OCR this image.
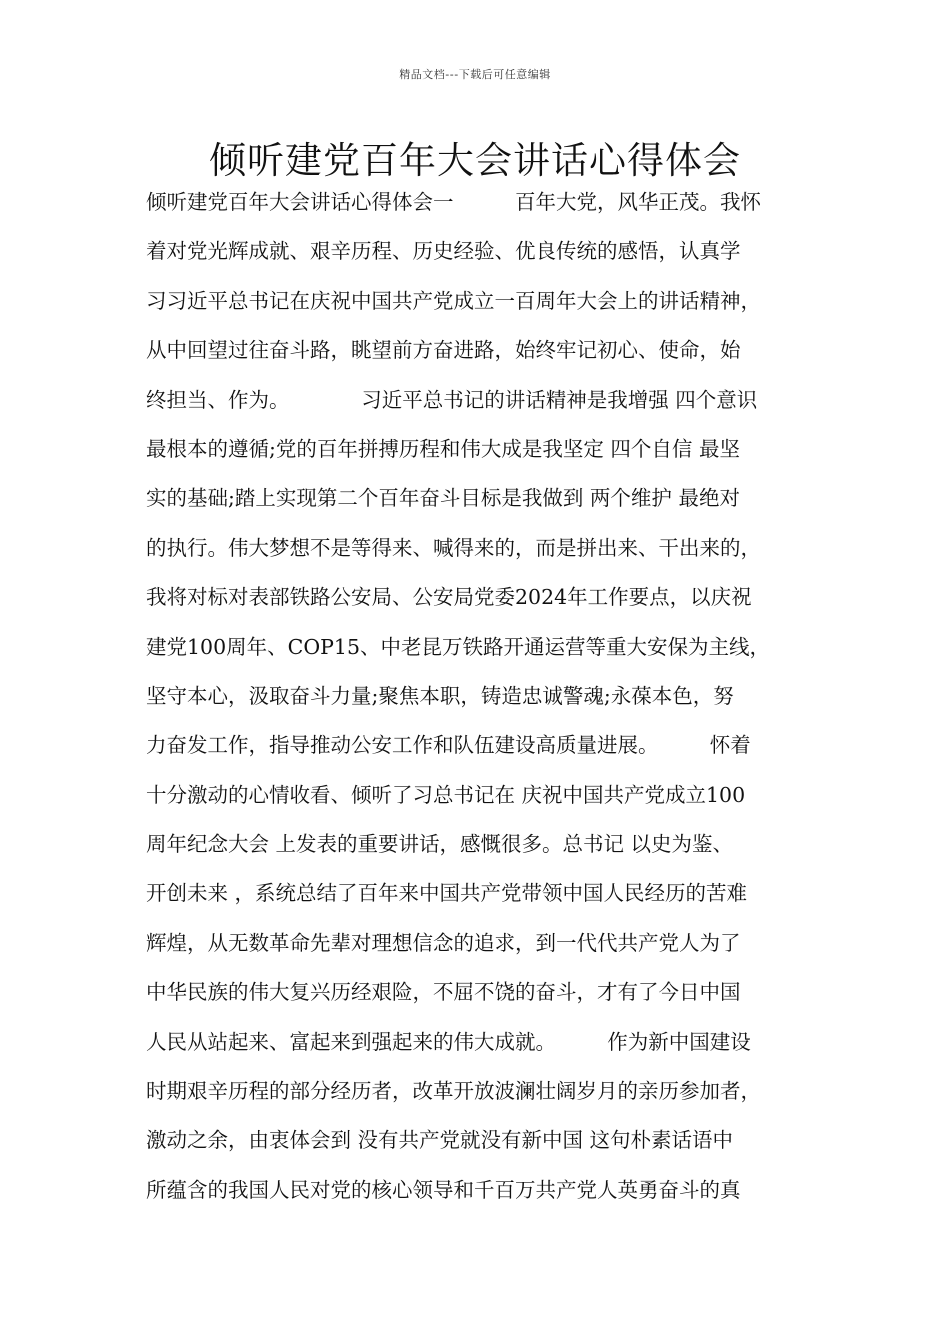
精品文档---下载后可任意编辑
倾听建党百年大会讲话心得体会
倾听建党百年大会讲话心得体会一　　　百年大党，风华正茂。我怀
着对党光辉成就、艰辛历程、历史经验、优良传统的感悟，认真学
习习近平总书记在庆祝中国共产党成立一百周年大会上的讲话精神，
从中回望过往奋斗路，眺望前方奋进路，始终牢记初心、使命，始
终担当、作为。　　　　习近平总书记的讲话精神是我增强 四个意识
最根本的遵循;党的百年拼搏历程和伟大成是我坚定 四个自信 最坚
实的基础;踏上实现第二个百年奋斗目标是我做到 两个维护 最绝对
的执行。伟大梦想不是等得来、喊得来的，而是拼出来、干出来的，
我将对标对表部铁路公安局、公安局党委2024年工作要点，以庆祝
建党100周年、COP15、中老昆万铁路开通运营等重大安保为主线，
坚守本心，汲取奋斗力量;聚焦本职，铸造忠诚警魂;永葆本色，努
力奋发工作，指导推动公安工作和队伍建设高质量进展。　　　怀着
十分激动的心情收看、倾听了习总书记在 庆祝中国共产党成立100
周年纪念大会 上发表的重要讲话，感慨很多。总书记 以史为鉴、
开创未来 ，系统总结了百年来中国共产党带领中国人民经历的苦难
辉煌，从无数革命先辈对理想信念的追求，到一代代共产党人为了
中华民族的伟大复兴历经艰险，不屈不饶的奋斗，才有了今日中国
人民从站起来、富起来到强起来的伟大成就。　　　作为新中国建设
时期艰辛历程的部分经历者，改革开放波澜壮阔岁月的亲历参加者，
激动之余，由衷体会到 没有共产党就没有新中国 这句朴素话语中
所蕴含的我国人民对党的核心领导和千百万共产党人英勇奋斗的真
